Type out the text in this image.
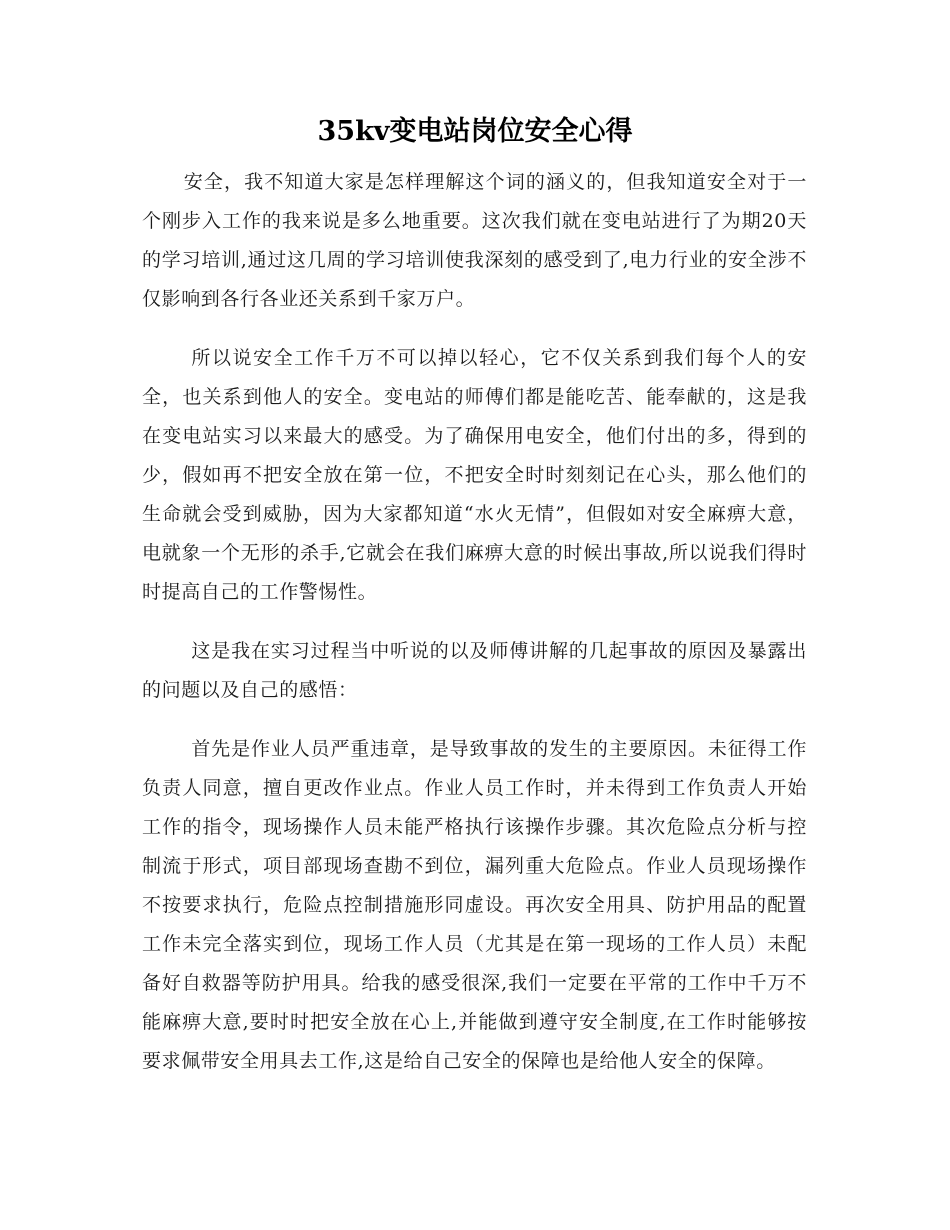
35kv变电站岗位安全心得

安全，我不知道大家是怎样理解这个词的涵义的，但我知道安全对于一个刚步入工作的我来说是多么地重要。这次我们就在变电站进行了为期20天的学习培训,通过这几周的学习培训使我深刻的感受到了,电力行业的安全涉不仅影响到各行各业还关系到千家万户。

所以说安全工作千万不可以掉以轻心，它不仅关系到我们每个人的安全，也关系到他人的安全。变电站的师傅们都是能吃苦、能奉献的，这是我在变电站实习以来最大的感受。为了确保用电安全，他们付出的多，得到的少，假如再不把安全放在第一位，不把安全时时刻刻记在心头，那么他们的生命就会受到威胁，因为大家都知道“水火无情”，但假如对安全麻痹大意，电就象一个无形的杀手,它就会在我们麻痹大意的时候出事故,所以说我们得时时提高自己的工作警惕性。

这是我在实习过程当中听说的以及师傅讲解的几起事故的原因及暴露出的问题以及自己的感悟：

首先是作业人员严重违章，是导致事故的发生的主要原因。未征得工作负责人同意，擅自更改作业点。作业人员工作时，并未得到工作负责人开始工作的指令，现场操作人员未能严格执行该操作步骤。其次危险点分析与控制流于形式，项目部现场查勘不到位，漏列重大危险点。作业人员现场操作不按要求执行，危险点控制措施形同虚设。再次安全用具、防护用品的配置工作未完全落实到位，现场工作人员（尤其是在第一现场的工作人员）未配备好自救器等防护用具。给我的感受很深,我们一定要在平常的工作中千万不能麻痹大意,要时时把安全放在心上,并能做到遵守安全制度,在工作时能够按要求佩带安全用具去工作,这是给自己安全的保障也是给他人安全的保障。
